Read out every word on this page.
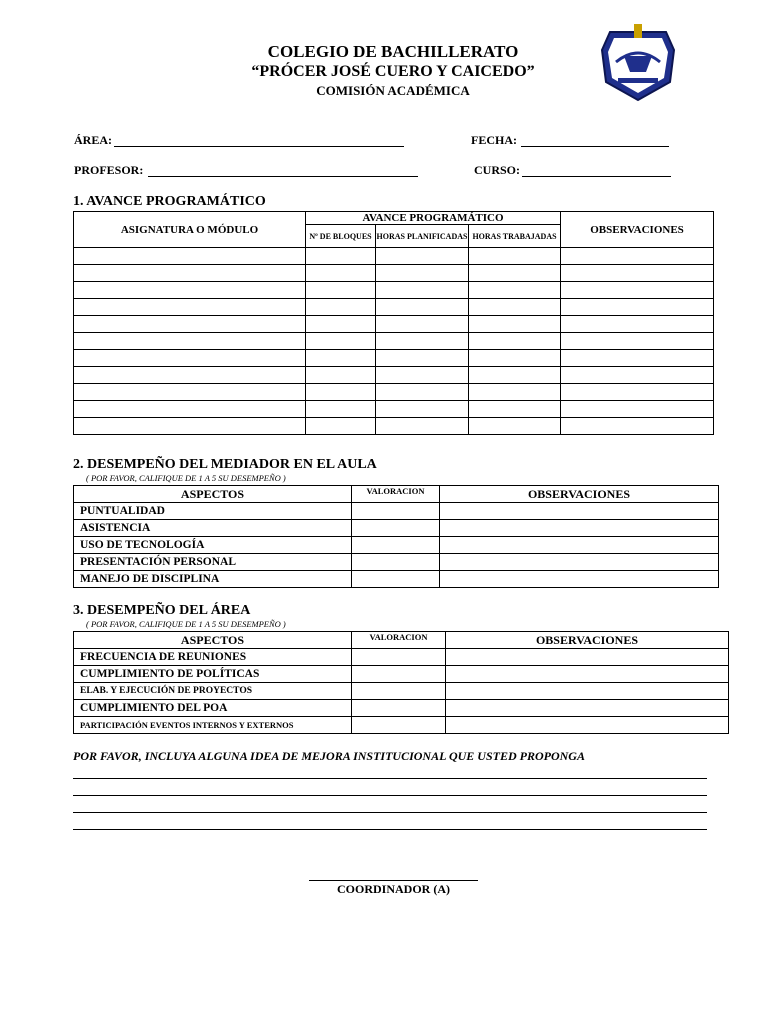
COLEGIO DE BACHILLERATO
“PRÓCER JOSÉ CUERO Y CAICEDO”
COMISIÓN ACADÉMICA
ÁREA:	FECHA:
PROFESOR:	CURSO:
1. AVANCE PROGRAMÁTICO
ASIGNATURA O MÓDULO	AVANCE PROGRAMÁTICO			OBSERVACIONES
	Nº DE BLOQUES	HORAS PLANIFICADAS	HORAS TRABAJADAS	

2. DESEMPEÑO DEL MEDIADOR EN EL AULA
( POR FAVOR, CALIFIQUE DE 1 A 5 SU DESEMPEÑO )
ASPECTOS	VALORACION	OBSERVACIONES
PUNTUALIDAD		
ASISTENCIA		
USO DE TECNOLOGÍA		
PRESENTACIÓN PERSONAL		
MANEJO DE DISCIPLINA		
3. DESEMPEÑO DEL ÁREA
( POR FAVOR, CALIFIQUE DE 1 A 5 SU DESEMPEÑO )
ASPECTOS	VALORACION	OBSERVACIONES
FRECUENCIA DE REUNIONES		
CUMPLIMIENTO DE POLÍTICAS		
ELAB. Y EJECUCIÓN DE PROYECTOS		
CUMPLIMIENTO DEL POA		
PARTICIPACIÓN EVENTOS INTERNOS Y EXTERNOS		
POR FAVOR, INCLUYA ALGUNA IDEA DE MEJORA INSTITUCIONAL QUE USTED PROPONGA
COORDINADOR (A)
